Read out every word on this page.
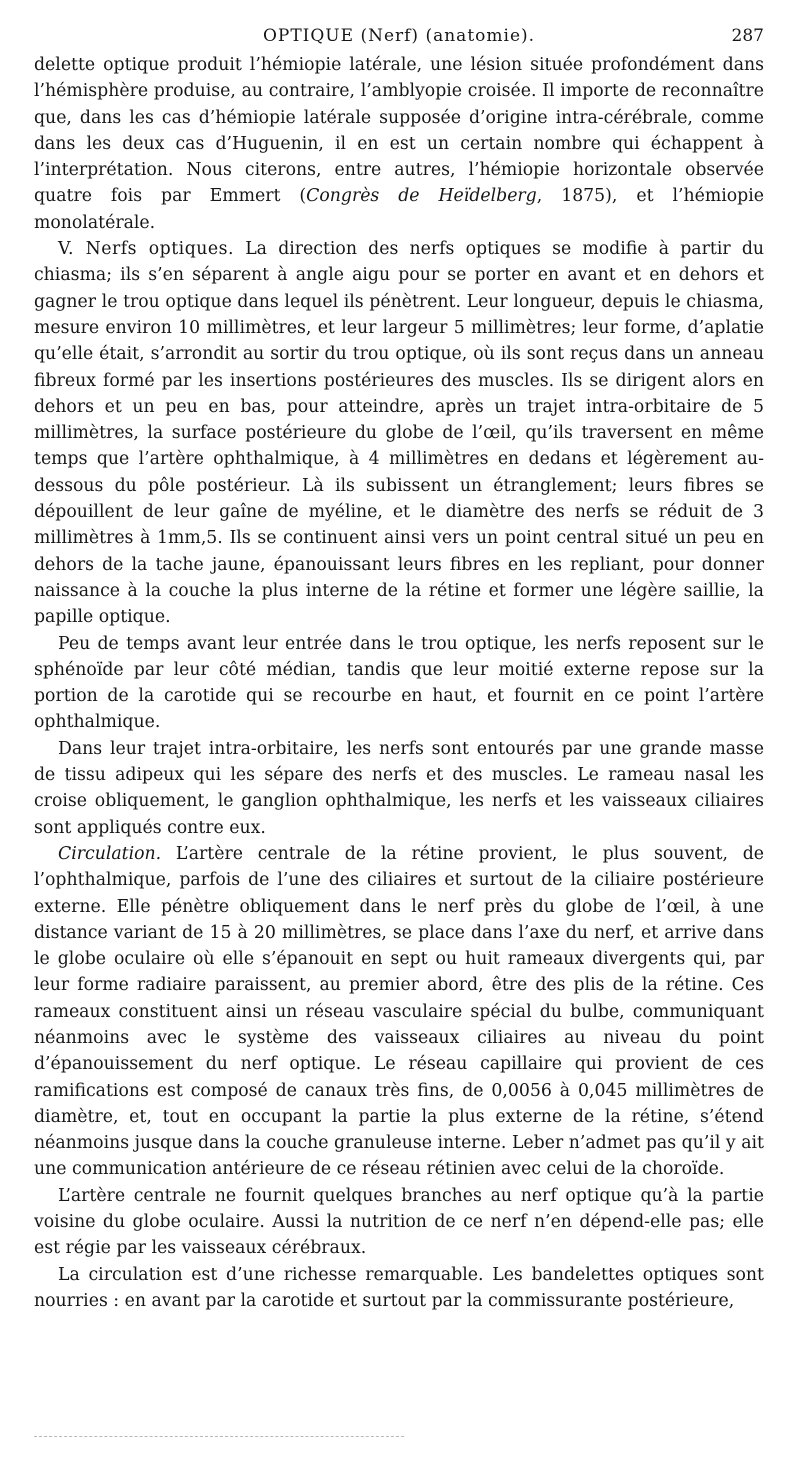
OPTIQUE (Nerf) (anatomie).	287

delette optique produit l’hémiopie latérale, une lésion située profondément dans l’hémisphère produise, au contraire, l’amblyopie croisée. Il importe de reconnaître que, dans les cas d’hémiopie latérale supposée d’origine intra-cérébrale, comme dans les deux cas d’Huguenin, il en est un certain nombre qui échappent à l’interprétation. Nous citerons, entre autres, l’hémiopie horizontale observée quatre fois par Emmert (Congrès de Heïdelberg, 1875), et l’hémiopie monolatérale.

V. Nerfs optiques. La direction des nerfs optiques se modifie à partir du chiasma; ils s’en séparent à angle aigu pour se porter en avant et en dehors et gagner le trou optique dans lequel ils pénètrent. Leur longueur, depuis le chiasma, mesure environ 10 millimètres, et leur largeur 5 millimètres; leur forme, d’aplatie qu’elle était, s’arrondit au sortir du trou optique, où ils sont reçus dans un anneau fibreux formé par les insertions postérieures des muscles. Ils se dirigent alors en dehors et un peu en bas, pour atteindre, après un trajet intra-orbitaire de 5 millimètres, la surface postérieure du globe de l’œil, qu’ils traversent en même temps que l’artère ophthalmique, à 4 millimètres en dedans et légèrement au-dessous du pôle postérieur. Là ils subissent un étranglement; leurs fibres se dépouillent de leur gaîne de myéline, et le diamètre des nerfs se réduit de 3 millimètres à 1mm,5. Ils se continuent ainsi vers un point central situé un peu en dehors de la tache jaune, épanouissant leurs fibres en les repliant, pour donner naissance à la couche la plus interne de la rétine et former une légère saillie, la papille optique.

Peu de temps avant leur entrée dans le trou optique, les nerfs reposent sur le sphénoïde par leur côté médian, tandis que leur moitié externe repose sur la portion de la carotide qui se recourbe en haut, et fournit en ce point l’artère ophthalmique.

Dans leur trajet intra-orbitaire, les nerfs sont entourés par une grande masse de tissu adipeux qui les sépare des nerfs et des muscles. Le rameau nasal les croise obliquement, le ganglion ophthalmique, les nerfs et les vaisseaux ciliaires sont appliqués contre eux.

Circulation. L’artère centrale de la rétine provient, le plus souvent, de l’ophthalmique, parfois de l’une des ciliaires et surtout de la ciliaire postérieure externe. Elle pénètre obliquement dans le nerf près du globe de l’œil, à une distance variant de 15 à 20 millimètres, se place dans l’axe du nerf, et arrive dans le globe oculaire où elle s’épanouit en sept ou huit rameaux divergents qui, par leur forme radiaire paraissent, au premier abord, être des plis de la rétine. Ces rameaux constituent ainsi un réseau vasculaire spécial du bulbe, communiquant néanmoins avec le système des vaisseaux ciliaires au niveau du point d’épanouissement du nerf optique. Le réseau capillaire qui provient de ces ramifications est composé de canaux très fins, de 0,0056 à 0,045 millimètres de diamètre, et, tout en occupant la partie la plus externe de la rétine, s’étend néanmoins jusque dans la couche granuleuse interne. Leber n’admet pas qu’il y ait une communication antérieure de ce réseau rétinien avec celui de la choroïde.

L’artère centrale ne fournit quelques branches au nerf optique qu’à la partie voisine du globe oculaire. Aussi la nutrition de ce nerf n’en dépend-elle pas; elle est régie par les vaisseaux cérébraux.

La circulation est d’une richesse remarquable. Les bandelettes optiques sont nourries : en avant par la carotide et surtout par la commissurante postérieure,
